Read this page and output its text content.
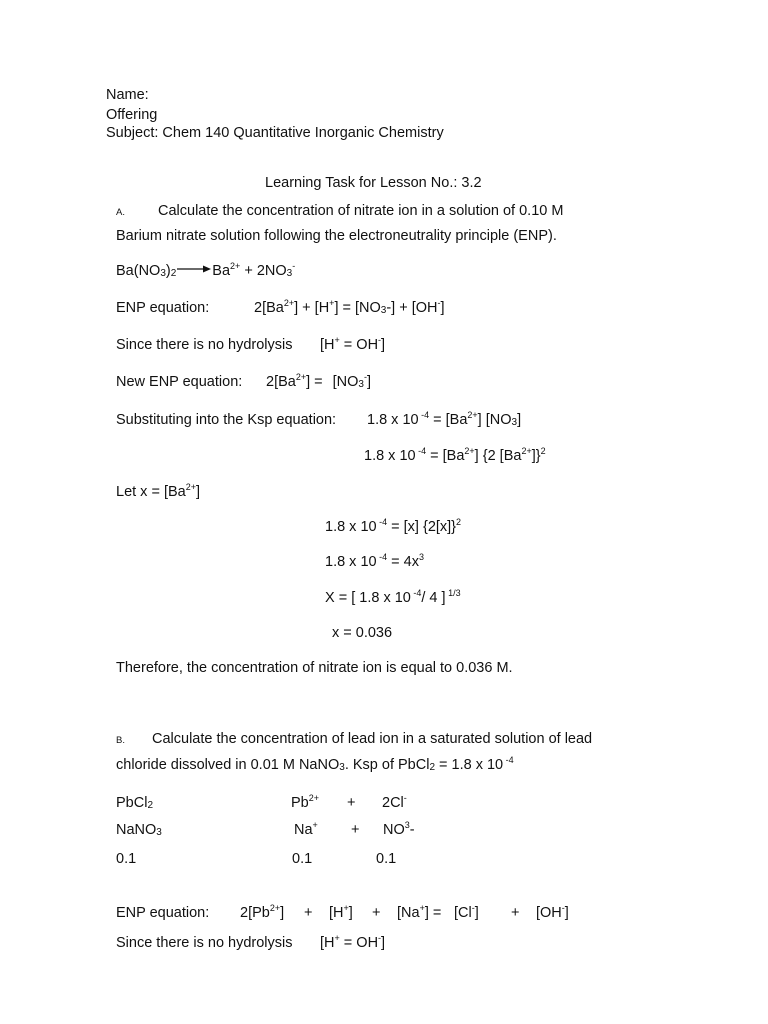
Name:
Offering
Subject: Chem 140 Quantitative Inorganic Chemistry
Learning Task for Lesson No.: 3.2
A. Calculate the concentration of nitrate ion in a solution of 0.10 M
Barium nitrate solution following the electroneutrality principle (ENP).
$Ba(NO_3)_2\to Ba^{2+} + 2NO_3^-$
ENP equation:	$2[Ba^{2+}] + [H^+] = [NO_3-] + [OH^-]$
Since there is no hydrolysis [H+ = OH-]
New ENP equation: $2[Ba^{2+}] = [NO_3^-]$
Substituting into the Ksp equation: 1.8 x 10 $^{-4} = [Ba^{2+}]$ $[NO_3]$
1.8 x 10 $^{-4} = [Ba^{2+}]$ {2 $[Ba^{2+}]\}^2$
Let $x = [Ba^{2+}]$
1.8 x 10 $^{-4}$ = [x] $\{2[x]\}^2$
1.8 x 10 $^{-4} = 4x^3$
X = [ 1.8 x 10 $^{-4}$/ 4 ] $^{1/3}$
x = 0.036
Therefore, the concentration of nitrate ion is equal to 0.036 M.
B. Calculate the concentration of lead ion in a saturated solution of lead
chloride dissolved in 0.01 M NaNO$_3$. Ksp of PbCl$_2$ = 1.8 x 10 $^{-4}$
PbCl$_2$	$Pb^{2+} + 2Cl^-$
NaNO$_3$	$Na^+ + NO^3-$
0.1	0.1	0.1
ENP equation: $2[Pb^{2+}] + [H^+] + [Na^+] = [Cl^-] + [OH^-]$
Since there is no hydrolysis [H+ = OH-]
